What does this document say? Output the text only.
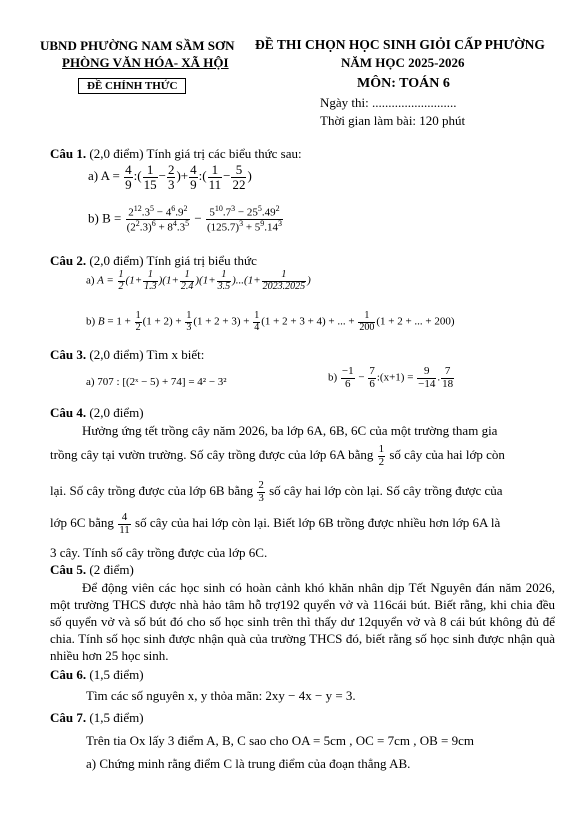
UBND PHƯỜNG NAM SẦM SƠN
PHÒNG VĂN HÓA- XÃ HỘI
ĐỀ CHÍNH THỨC
ĐỀ THI CHỌN HỌC SINH GIỎI CẤP PHƯỜNG
NĂM HỌC 2025-2026
MÔN: TOÁN 6
Ngày thi: ..........................
Thời gian làm bài: 120 phút
Câu 1. (2,0 điểm) Tính giá trị các biểu thức sau:
a) $A = \frac{4}{9}$ :( $\frac{1}{15} - \frac{2}{3}$ )+ $\frac{4}{9}$ :( $\frac{1}{11} - \frac{5}{22}$ )
b) $B = \frac{2^{12}.3^5 - 4^6.9^2}{(2^2.3)^6 + 8^4.3^5} - \frac{5^{10}.7^3 - 25^5.49^2}{(125.7)^3 + 5^9.14^3}$
Câu 2. (2,0 điểm) Tính giá trị biểu thức
a) $A = \frac{1}{2} (1+ \frac{1}{1.3} )(1+ \frac{1}{2.4} )(1+ \frac{1}{3.5} )...(1+ \frac{1}{2023.2025}$ )
b) $B = 1 + \frac{1}{2} (1 + 2) + \frac{1}{3} (1 + 2 + 3) + \frac{1}{4} (1 + 2 + 3 + 4)$ + ... + $\frac{1}{200} (1 + 2$ + ... + 200)
Câu 3. (2,0 điểm) Tìm x biết:
a) 707 : [(2ˣ − 5) + 74] = 4² − 3²	$b) \frac{-1}{6} - \frac{7}{6}$ :(x+1) = $\frac{9}{-14}$ . $\frac{7}{18}$
Câu 4. (2,0 điểm)
Hưởng ứng tết trồng cây năm 2026, ba lớp 6A, 6B, 6C của một trường tham gia
trồng cây tại vườn trường. Số cây trồng được của lớp 6A bằng $\frac{1}{2}$ số cây của hai lớp còn
lại. Số cây trồng được của lớp 6B bằng $\frac{2}{3}$ số cây hai lớp còn lại. Số cây trồng được của
lớp 6C bằng $\frac{4}{11}$ số cây của hai lớp còn lại. Biết lớp 6B trồng được nhiều hơn lớp 6A là
3 cây. Tính số cây trồng được của lớp 6C.
Câu 5. (2 điểm)
Để động viên các học sinh có hoàn cảnh khó khăn nhân dịp Tết Nguyên đán năm 2026, một trường THCS được nhà hảo tâm hỗ trợ192 quyển vở và 116cái bút. Biết rằng, khi chia đều số quyển vở và số bút đó cho số học sinh trên thì thấy dư 12quyển vở và 8 cái bút không đủ để chia. Tính số học sinh được nhận quà của trường THCS đó, biết rằng số học sinh được nhận quà nhiều hơn 25 học sinh.
Câu 6. (1,5 điểm)
Tìm các số nguyên x, y thỏa mãn: 2xy − 4x − y = 3.
Câu 7. (1,5 điểm)
Trên tia Ox lấy 3 điểm A, B, C sao cho OA = 5cm , OC = 7cm , OB = 9cm
a) Chứng minh rằng điểm C là trung điểm của đoạn thẳng AB.
